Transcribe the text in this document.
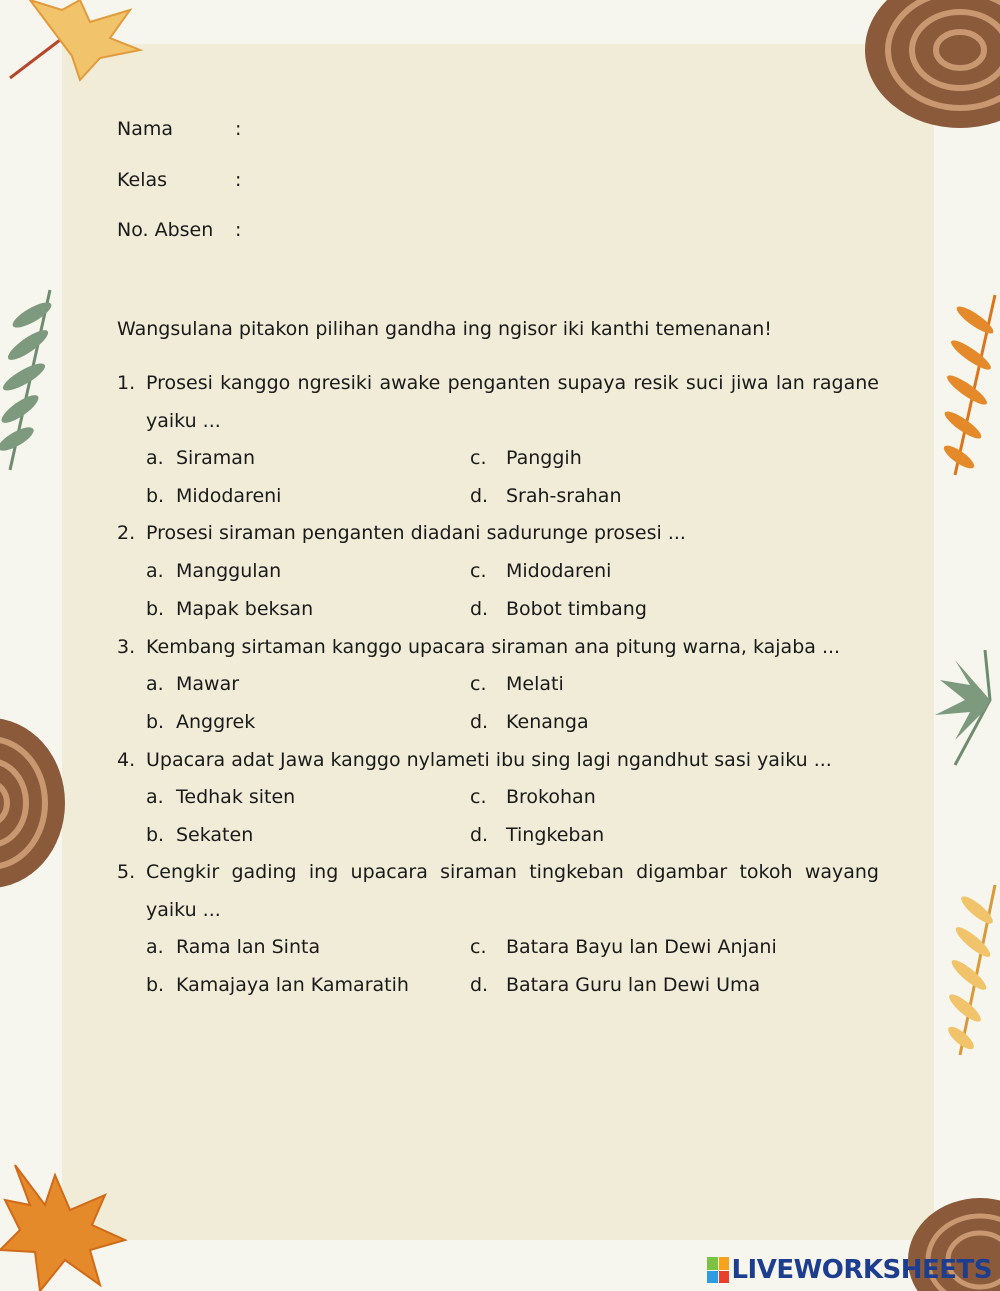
Nama	:
Kelas	:
No. Absen :
Wangsulana pitakon pilihan gandha ing ngisor iki kanthi temenanan!
1. Prosesi kanggo ngresiki awake penganten supaya resik suci jiwa lan ragane
yaiku ...
a. Siraman	c. Panggih
b. Midodareni	d. Srah-srahan
2. Prosesi siraman penganten diadani sadurunge prosesi ...
a. Manggulan	c. Midodareni
b. Mapak beksan	d. Bobot timbang
3. Kembang sirtaman kanggo upacara siraman ana pitung warna, kajaba ...
a. Mawar	c. Melati
b. Anggrek	d. Kenanga
4. Upacara adat Jawa kanggo nylameti ibu sing lagi ngandhut sasi yaiku ...
a. Tedhak siten	c. Brokohan
b. Sekaten	d. Tingkeban
5. Cengkir gading ing upacara siraman tingkeban digambar tokoh wayang
yaiku ...
a. Rama lan Sinta	c. Batara Bayu lan Dewi Anjani
b. Kamajaya lan Kamaratih	d. Batara Guru lan Dewi Uma
LIVEWORKSHEETS
